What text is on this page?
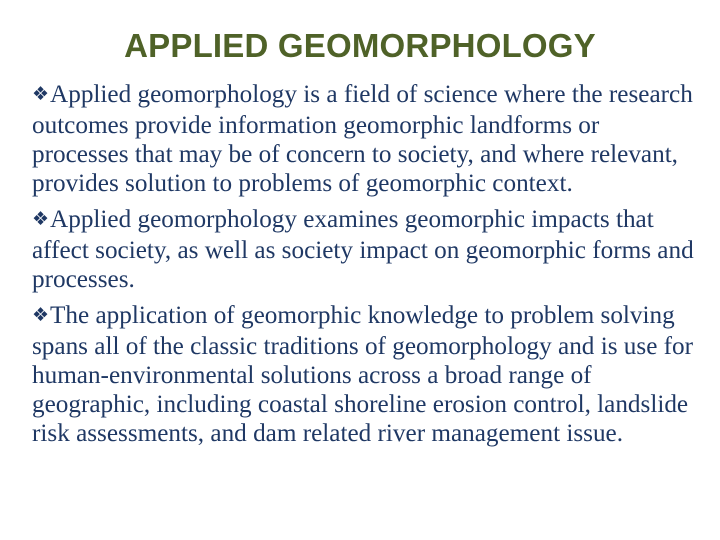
APPLIED GEOMORPHOLOGY

❖Applied geomorphology is a field of science where the research outcomes provide information geomorphic landforms or processes that may be of concern to society, and where relevant, provides solution to problems of geomorphic context.

❖Applied geomorphology examines geomorphic impacts that affect society, as well as society impact on geomorphic forms and processes.

❖The application of geomorphic knowledge to problem solving spans all of the classic traditions of geomorphology and is use for human-environmental solutions across a broad range of geographic, including coastal shoreline erosion control, landslide risk assessments, and dam related river management issue.
